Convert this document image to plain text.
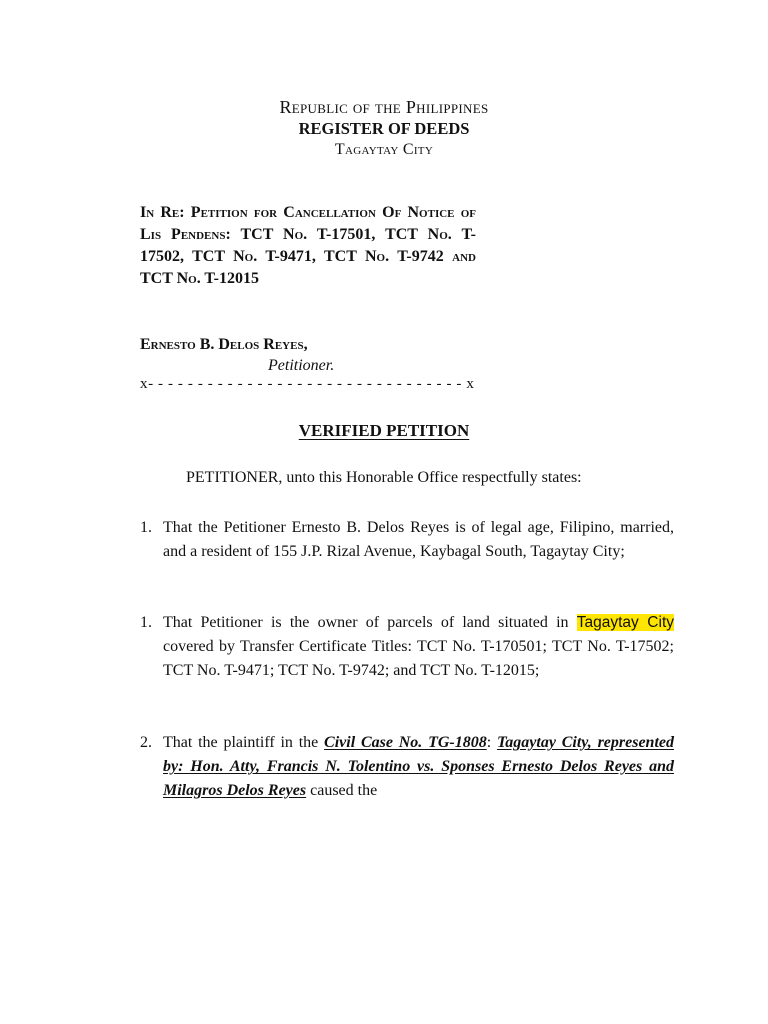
Republic of the Philippines
REGISTER OF DEEDS
Tagaytay City
In Re: Petition for Cancellation Of Notice of Lis Pendens: TCT No. T-17501, TCT No. T-17502, TCT No. T-9471, TCT No. T-9742 and TCT No. T-12015
Ernesto B. Delos Reyes,
Petitioner.
x- - - - - - - - - - - - - - - - - - - - - - - - - - - - - - - - x
VERIFIED PETITION
PETITIONER, unto this Honorable Office respectfully states:
1. That the Petitioner Ernesto B. Delos Reyes is of legal age, Filipino, married, and a resident of 155 J.P. Rizal Avenue, Kaybagal South, Tagaytay City;
1. That Petitioner is the owner of parcels of land situated in Tagaytay City covered by Transfer Certificate Titles: TCT No. T-170501; TCT No. T-17502; TCT No. T-9471; TCT No. T-9742; and TCT No. T-12015;
2. That the plaintiff in the Civil Case No. TG-1808: Tagaytay City, represented by: Hon. Atty, Francis N. Tolentino vs. Sponses Ernesto Delos Reyes and Milagros Delos Reyes caused the
